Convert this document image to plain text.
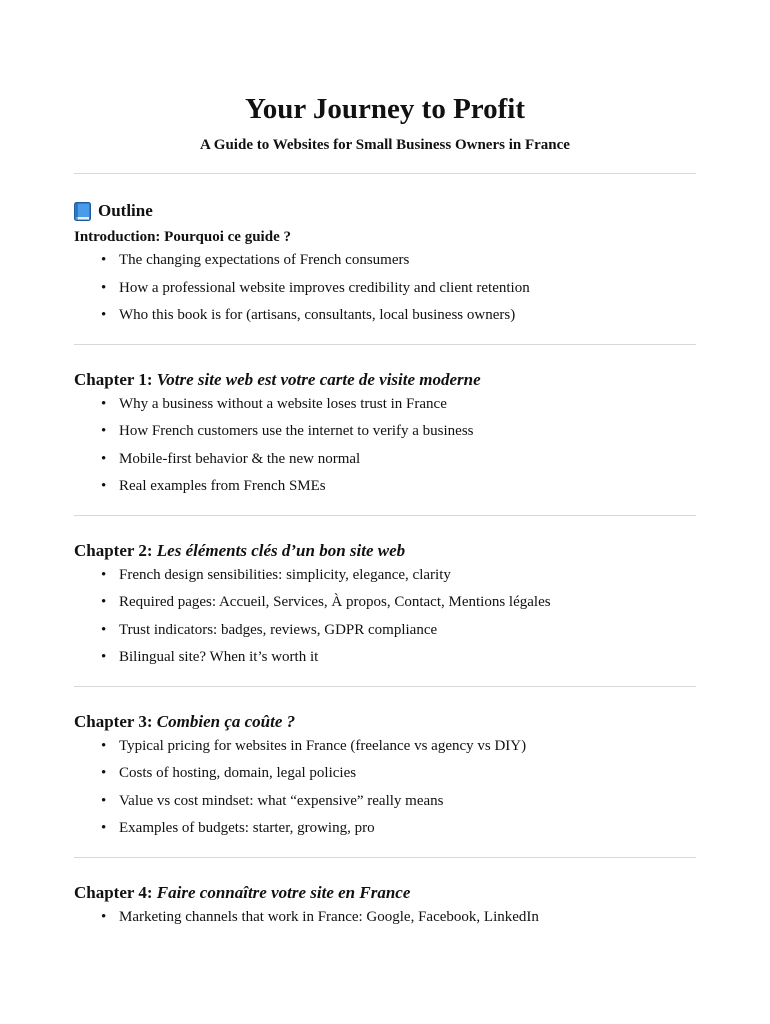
Your Journey to Profit

A Guide to Websites for Small Business Owners in France

Outline

Introduction: Pourquoi ce guide ?

• The changing expectations of French consumers
• How a professional website improves credibility and client retention
• Who this book is for (artisans, consultants, local business owners)
Chapter 1: Votre site web est votre carte de visite moderne
• Why a business without a website loses trust in France
• How French customers use the internet to verify a business
• Mobile-first behavior & the new normal
• Real examples from French SMEs
Chapter 2: Les éléments clés d’un bon site web
• French design sensibilities: simplicity, elegance, clarity
• Required pages: Accueil, Services, À propos, Contact, Mentions légales
• Trust indicators: badges, reviews, GDPR compliance
• Bilingual site? When it’s worth it
Chapter 3: Combien ça coûte ?
• Typical pricing for websites in France (freelance vs agency vs DIY)
• Costs of hosting, domain, legal policies
• Value vs cost mindset: what “expensive” really means
• Examples of budgets: starter, growing, pro
Chapter 4: Faire connaître votre site en France
• Marketing channels that work in France: Google, Facebook, LinkedIn
